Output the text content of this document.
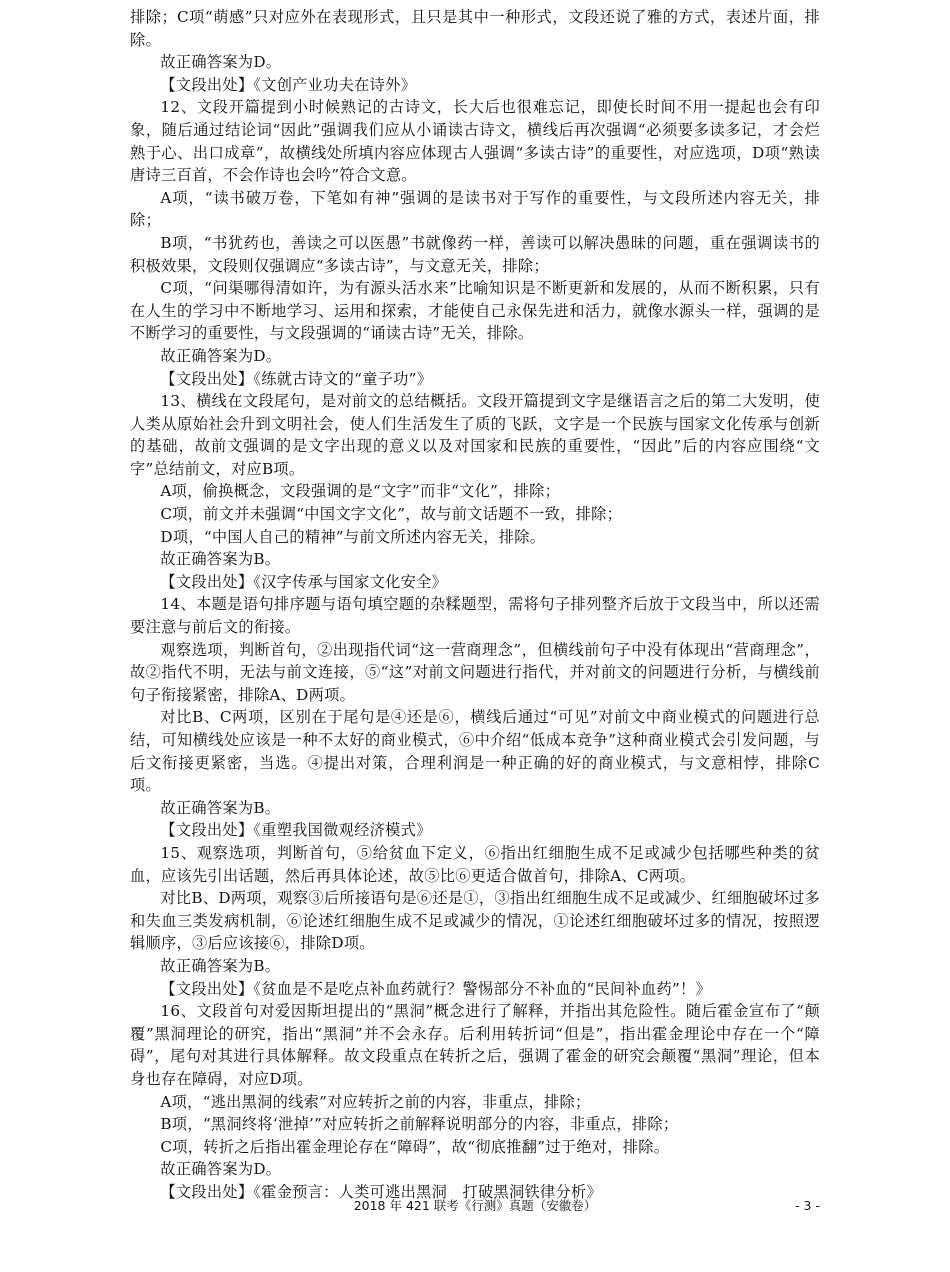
排除；C项“萌感”只对应外在表现形式，且只是其中一种形式，文段还说了雅的方式，表述片面，排除。

故正确答案为D。

【文段出处】《文创产业功夫在诗外》

12、文段开篇提到小时候熟记的古诗文，长大后也很难忘记，即使长时间不用一提起也会有印象，随后通过结论词“因此”强调我们应从小诵读古诗文，横线后再次强调“必须要多读多记，才会烂熟于心、出口成章”，故横线处所填内容应体现古人强调“多读古诗”的重要性，对应选项，D项“熟读唐诗三百首，不会作诗也会吟”符合文意。

A项，“读书破万卷，下笔如有神”强调的是读书对于写作的重要性，与文段所述内容无关，排除；

B项，“书犹药也，善读之可以医愚”书就像药一样，善读可以解决愚昧的问题，重在强调读书的积极效果，文段则仅强调应“多读古诗”，与文意无关，排除；

C项，“问渠哪得清如许，为有源头活水来”比喻知识是不断更新和发展的，从而不断积累，只有在人生的学习中不断地学习、运用和探索，才能使自己永保先进和活力，就像水源头一样，强调的是不断学习的重要性，与文段强调的“诵读古诗”无关，排除。

故正确答案为D。

【文段出处】《练就古诗文的“童子功”》

13、横线在文段尾句，是对前文的总结概括。文段开篇提到文字是继语言之后的第二大发明，使人类从原始社会升到文明社会，使人们生活发生了质的飞跃，文字是一个民族与国家文化传承与创新的基础，故前文强调的是文字出现的意义以及对国家和民族的重要性，“因此”后的内容应围绕“文字”总结前文，对应B项。

A项，偷换概念，文段强调的是“文字”而非“文化”，排除；

C项，前文并未强调“中国文字文化”，故与前文话题不一致，排除；

D项，“中国人自己的精神”与前文所述内容无关，排除。

故正确答案为B。

【文段出处】《汉字传承与国家文化安全》

14、本题是语句排序题与语句填空题的杂糅题型，需将句子排列整齐后放于文段当中，所以还需要注意与前后文的衔接。

观察选项，判断首句，②出现指代词“这一营商理念”，但横线前句子中没有体现出“营商理念”，故②指代不明，无法与前文连接，⑤“这”对前文问题进行指代，并对前文的问题进行分析，与横线前句子衔接紧密，排除A、D两项。

对比B、C两项，区别在于尾句是④还是⑥，横线后通过“可见”对前文中商业模式的问题进行总结，可知横线处应该是一种不太好的商业模式，⑥中介绍“低成本竞争”这种商业模式会引发问题，与后文衔接更紧密，当选。④提出对策，合理利润是一种正确的好的商业模式，与文意相悖，排除C项。

故正确答案为B。

【文段出处】《重塑我国微观经济模式》

15、观察选项，判断首句，⑤给贫血下定义，⑥指出红细胞生成不足或减少包括哪些种类的贫血，应该先引出话题，然后再具体论述，故⑤比⑥更适合做首句，排除A、C两项。

对比B、D两项，观察③后所接语句是⑥还是①，③指出红细胞生成不足或减少、红细胞破坏过多和失血三类发病机制，⑥论述红细胞生成不足或减少的情况，①论述红细胞破坏过多的情况，按照逻辑顺序，③后应该接⑥，排除D项。

故正确答案为B。

【文段出处】《贫血是不是吃点补血药就行？警惕部分不补血的“民间补血药”！》

16、文段首句对爱因斯坦提出的“黑洞”概念进行了解释，并指出其危险性。随后霍金宣布了“颠覆”黑洞理论的研究，指出“黑洞”并不会永存。后利用转折词“但是”，指出霍金理论中存在一个“障碍”，尾句对其进行具体解释。故文段重点在转折之后，强调了霍金的研究会颠覆“黑洞”理论，但本身也存在障碍，对应D项。

A项，“逃出黑洞的线索”对应转折之前的内容，非重点，排除；

B项，“黑洞终将‘泄掉’”对应转折之前解释说明部分的内容，非重点，排除；

C项，转折之后指出霍金理论存在“障碍”，故“彻底推翻”过于绝对，排除。

故正确答案为D。

【文段出处】《霍金预言：人类可逃出黑洞　打破黑洞铁律分析》

2018 年 421 联考《行测》真题（安徽卷）	- 3 -
